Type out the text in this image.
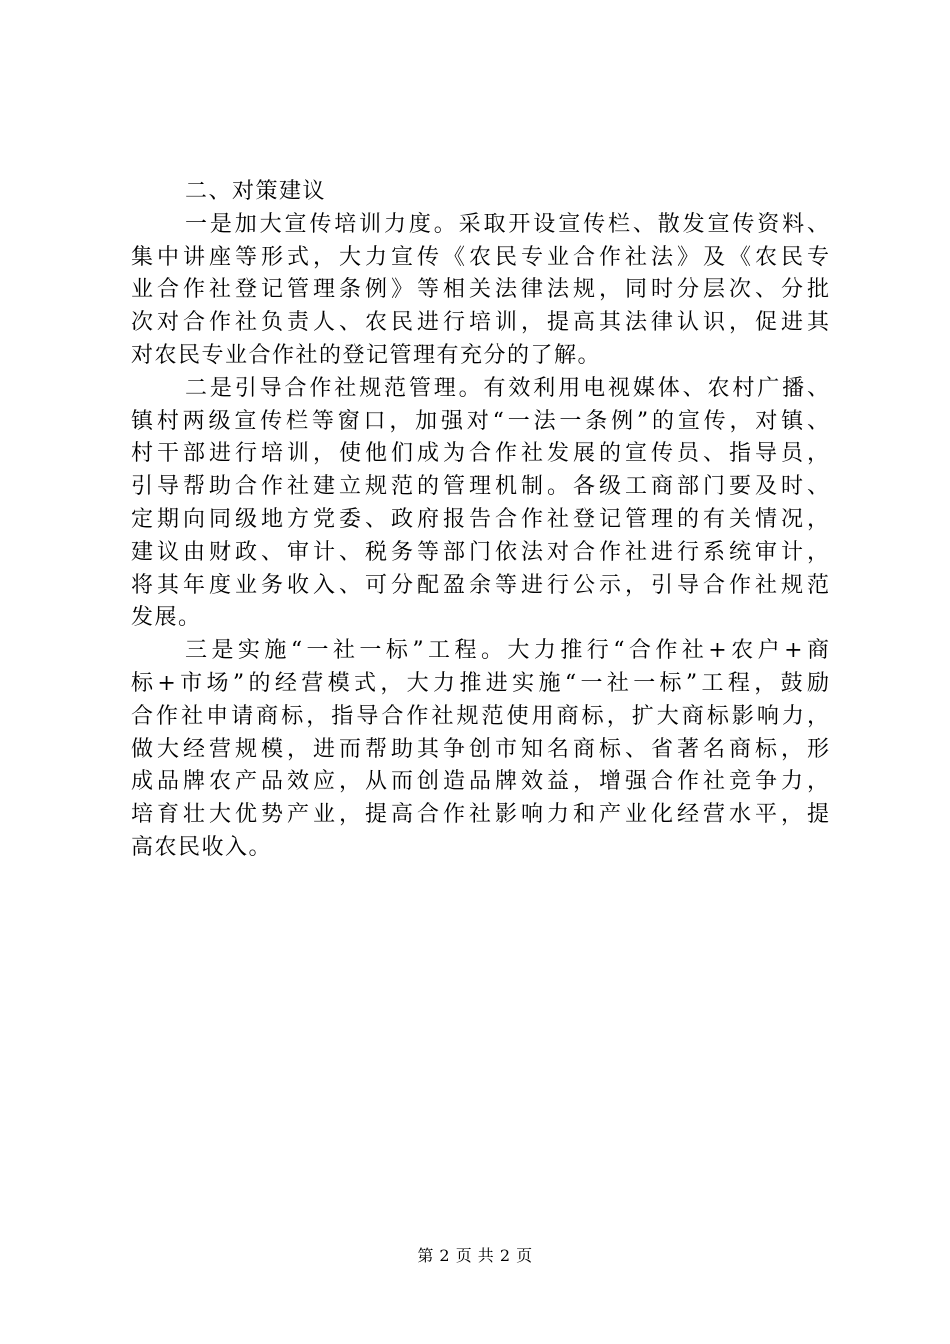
二、对策建议
一是加大宣传培训力度。采取开设宣传栏、散发宣传资料、
集中讲座等形式，大力宣传《农民专业合作社法》及《农民专
业合作社登记管理条例》等相关法律法规，同时分层次、分批
次对合作社负责人、农民进行培训，提高其法律认识，促进其
对农民专业合作社的登记管理有充分的了解。
二是引导合作社规范管理。有效利用电视媒体、农村广播、
镇村两级宣传栏等窗口，加强对“一法一条例”的宣传，对镇、
村干部进行培训，使他们成为合作社发展的宣传员、指导员，
引导帮助合作社建立规范的管理机制。各级工商部门要及时、
定期向同级地方党委、政府报告合作社登记管理的有关情况，
建议由财政、审计、税务等部门依法对合作社进行系统审计，
将其年度业务收入、可分配盈余等进行公示，引导合作社规范
发展。
三是实施“一社一标”工程。大力推行“合作社+农户+商
标+市场”的经营模式，大力推进实施“一社一标”工程，鼓励
合作社申请商标，指导合作社规范使用商标，扩大商标影响力，
做大经营规模，进而帮助其争创市知名商标、省著名商标，形
成品牌农产品效应，从而创造品牌效益，增强合作社竞争力，
培育壮大优势产业，提高合作社影响力和产业化经营水平，提
高农民收入。
第 2 页 共 2 页
